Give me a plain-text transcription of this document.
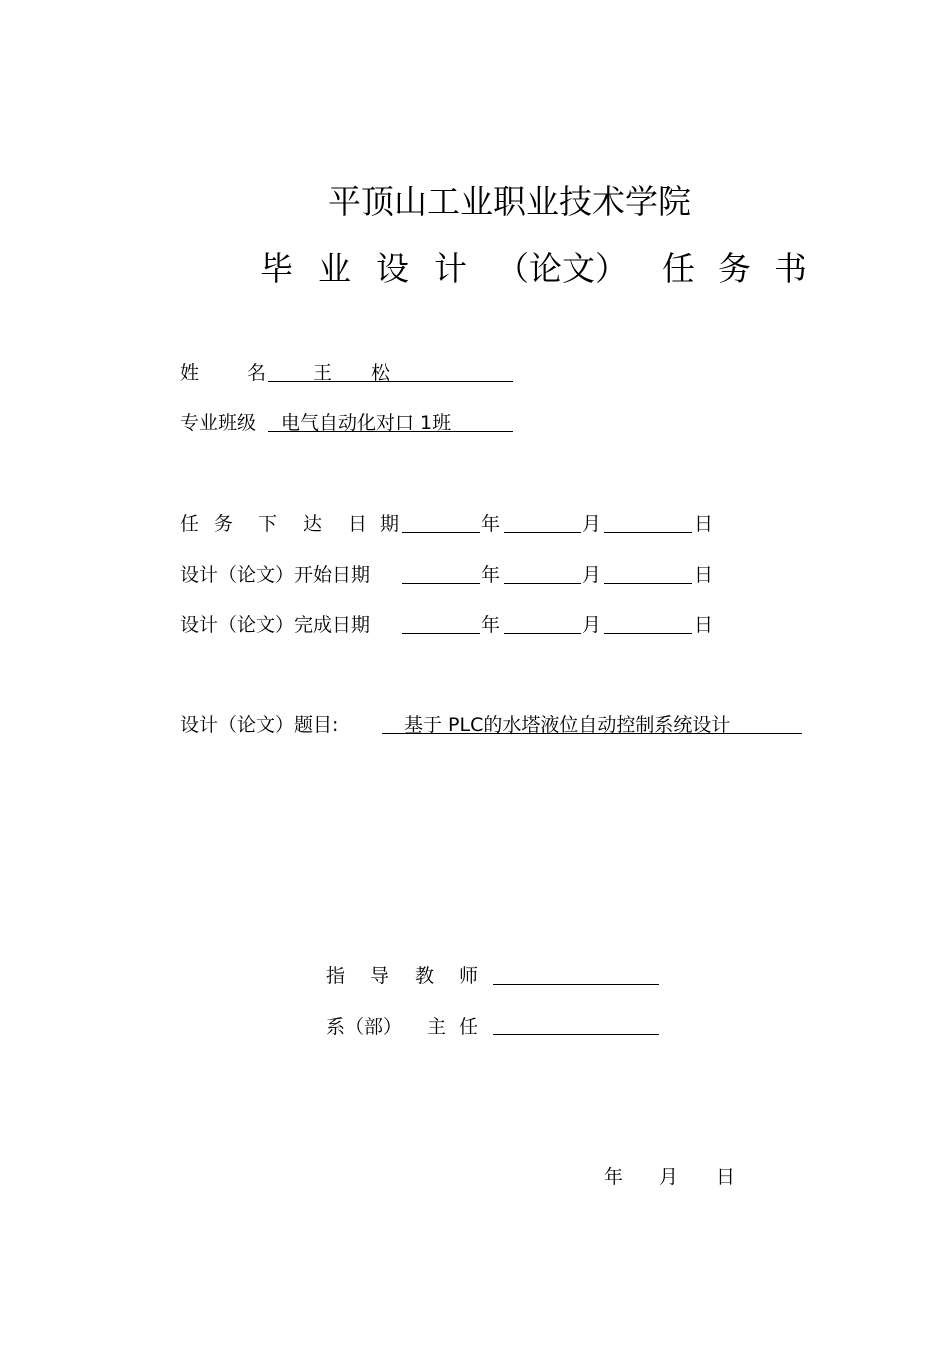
平顶山工业职业技术学院
毕 业 设 计 （论文） 任 务 书
姓	名 王 松
专业班级 电气自动化对口 1班
任 务 下 达 日 期	年	月	日
设计（论文）开始日期	年	月	日
设计（论文）完成日期	年	月	日
设计（论文）题目:	基于 PLC的水塔液位自动控制系统设计
指 导 教 师
系（部） 主 任
年 月 日
